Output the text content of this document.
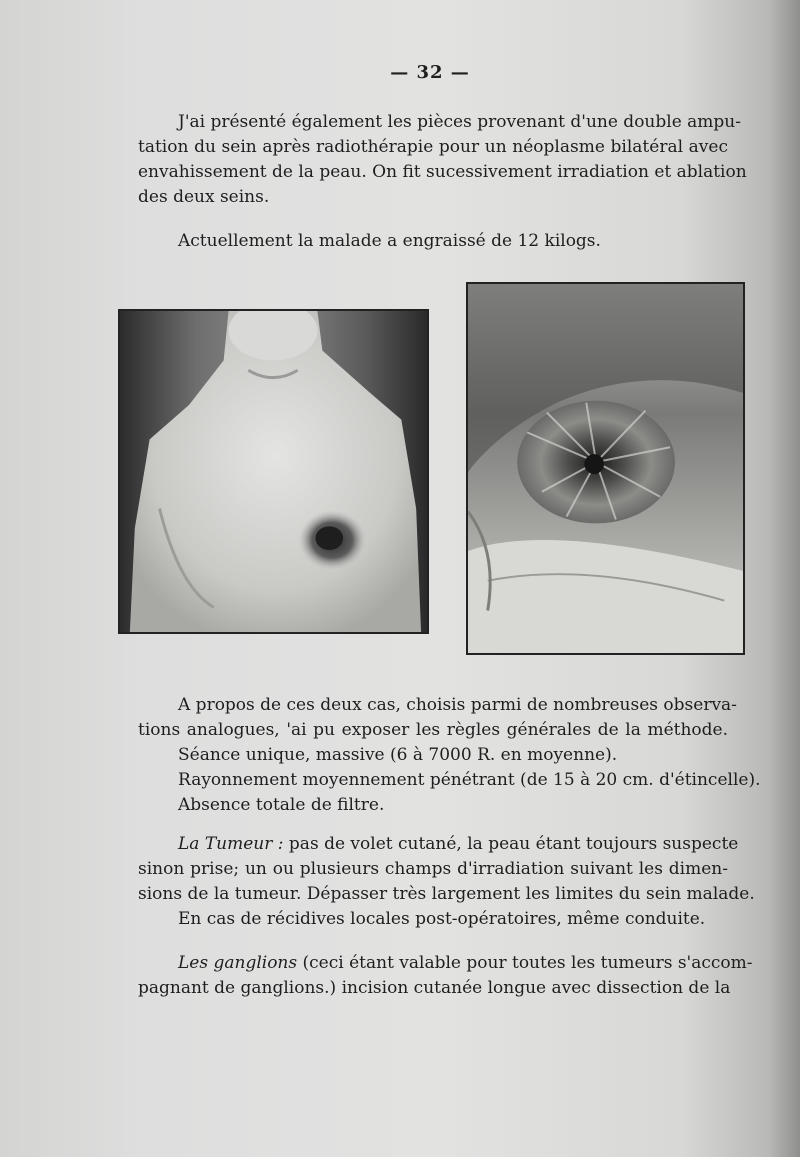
— 32 —
J'ai présenté également les pièces provenant d'une double ampu-
tation du sein après radiothérapie pour un néoplasme bilatéral avec
envahissement de la peau. On fit sucessivement irradiation et ablation
des deux seins.
Actuellement la malade a engraissé de 12 kilogs.
A propos de ces deux cas, choisis parmi de nombreuses observa-
tions analogues, 'ai pu exposer les règles générales de la méthode.
Séance unique, massive (6 à 7000 R. en moyenne).
Rayonnement moyennement pénétrant (de 15 à 20 cm. d'étincelle).
Absence totale de filtre.
La Tumeur : pas de volet cutané, la peau étant toujours suspecte
sinon prise; un ou plusieurs champs d'irradiation suivant les dimen-
sions de la tumeur. Dépasser très largement les limites du sein malade.
En cas de récidives locales post-opératoires, même conduite.
Les ganglions (ceci étant valable pour toutes les tumeurs s'accom-
pagnant de ganglions.) incision cutanée longue avec dissection de la
